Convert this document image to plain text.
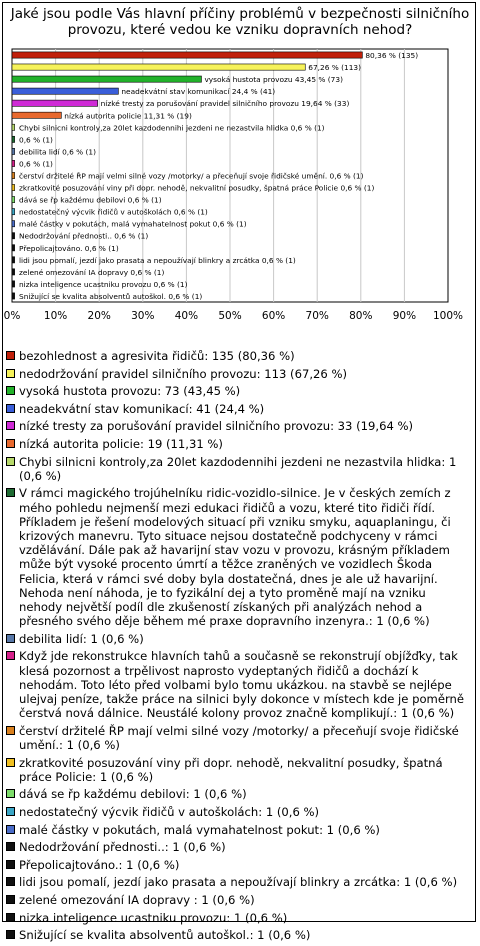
Jaké jsou podle Vás hlavní příčiny problémů v bezpečnosti silničního provozu, které vedou ke vzniku dopravních nehod?
0% 10% 20% 30% 40% 50% 60% 70% 80% 90% 100%
80,36 % (135)
67,26 % (113)
vysoká hustota provozu 43,45 % (73)
neadekvátní stav komunikací 24,4 % (41)
nízké tresty za porušování pravidel silničního provozu 19,64 % (33)
nízká autorita policie 11,31 % (19)
Chybi silnicni kontroly,za 20let kazdodennihi jezdeni ne nezastvila hlidka 0,6 % (1)
0,6 % (1)
debilita lidí 0,6 % (1)
0,6 % (1)
čerství držitelé ŘP mají velmi silné vozy /motorky/ a přeceňují svoje řidičské umění. 0,6 % (1)
zkratkovité posuzování viny při dopr. nehodě, nekvalitní posudky, špatná práce Policie 0,6 % (1)
dává se řp každému debilovi 0,6 % (1)
nedostatečný výcvik řidičů v autoškolách 0,6 % (1)
malé částky v pokutách, malá vymahatelnost pokut 0,6 % (1)
Nedodržování přednosti.. 0,6 % (1)
Přepolicajtováno. 0,6 % (1)
lidi jsou pomalí, jezdí jako prasata a nepoužívají blinkry a zrcátka 0,6 % (1)
zelené omezování IA dopravy 0,6 % (1)
nizka inteligence ucastniku provozu 0,6 % (1)
Snižující se kvalita absolventů autoškol. 0,6 % (1)
bezohlednost a agresivita řidičů: 135 (80,36 %)
nedodržování pravidel silničního provozu: 113 (67,26 %)
vysoká hustota provozu: 73 (43,45 %)
neadekvátní stav komunikací: 41 (24,4 %)
nízké tresty za porušování pravidel silničního provozu: 33 (19,64 %)
nízká autorita policie: 19 (11,31 %)
Chybi silnicni kontroly,za 20let kazdodennihi jezdeni ne nezastvila hlidka: 1 (0,6 %)
V rámci magického trojúhelníku ridic-vozidlo-silnice. Je v českých zemích z mého pohledu nejmenší mezi edukaci řidičů a vozu, které tito řidiči řídí. Příkladem je řešení modelových situací při vzniku smyku, aquaplaningu, či krizových manevru. Tyto situace nejsou dostatečně podchyceny v rámci vzdělávání. Dále pak až havarijní stav vozu v provozu, krásným příkladem může být vysoké procento úmrtí a těžce zraněných ve vozidlech Škoda Felicia, která v rámci své doby byla dostatečná, dnes je ale už havarijní. Nehoda není náhoda, je to fyzikální dej a tyto proměně mají na vzniku nehody největší podíl dle zkušeností získaných při analýzách nehod a přesného svého děje během mé praxe dopravního inzenyra.: 1 (0,6 %)
debilita lidí: 1 (0,6 %)
Když jde rekonstrukce hlavních tahů a současně se rekonstrují objížďky, tak klesá pozornost a trpělivost naprosto vydeptaných řidičů a dochází k nehodám. Toto léto před volbami bylo tomu ukázkou. na stavbě se nejlépe ulejvaj peníze, takže práce na silnici byly dokonce v místech kde je poměrně čerstvá nová dálnice. Neustálé kolony provoz značně komplikují.: 1 (0,6 %)
čerství držitelé ŘP mají velmi silné vozy /motorky/ a přeceňují svoje řidičské umění.: 1 (0,6 %)
zkratkovité posuzování viny při dopr. nehodě, nekvalitní posudky, špatná práce Policie: 1 (0,6 %)
dává se řp každému debilovi: 1 (0,6 %)
nedostatečný výcvik řidičů v autoškolách: 1 (0,6 %)
malé částky v pokutách, malá vymahatelnost pokut: 1 (0,6 %)
Nedodržování přednosti..: 1 (0,6 %)
Přepolicajtováno.: 1 (0,6 %)
lidi jsou pomalí, jezdí jako prasata a nepoužívají blinkry a zrcátka: 1 (0,6 %)
zelené omezování IA dopravy : 1 (0,6 %)
nizka inteligence ucastniku provozu: 1 (0,6 %)
Snižující se kvalita absolventů autoškol.: 1 (0,6 %)
